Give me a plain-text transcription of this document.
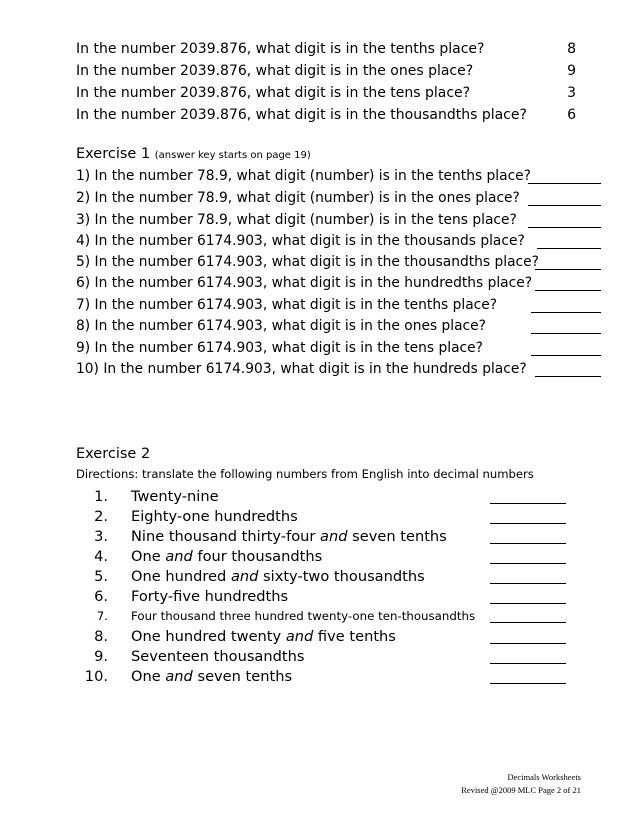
In the number 2039.876, what digit is in the tenths place?	8
In the number 2039.876, what digit is in the ones place?	9
In the number 2039.876, what digit is in the tens place?	3
In the number 2039.876, what digit is in the thousandths place?	6
Exercise 1 (answer key starts on page 19)
1) In the number 78.9, what digit (number) is in the tenths place?
2) In the number 78.9, what digit (number) is in the ones place?
3) In the number 78.9, what digit (number) is in the tens place?
4) In the number 6174.903, what digit is in the thousands place?
5) In the number 6174.903, what digit is in the thousandths place?
6) In the number 6174.903, what digit is in the hundredths place?
7) In the number 6174.903, what digit is in the tenths place?
8) In the number 6174.903, what digit is in the ones place?
9) In the number 6174.903, what digit is in the tens place?
10) In the number 6174.903, what digit is in the hundreds place?
Exercise 2
Directions: translate the following numbers from English into decimal numbers
1. Twenty-nine
2. Eighty-one hundredths
3. Nine thousand thirty-four and seven tenths
4. One and four thousandths
5. One hundred and sixty-two thousandths
6. Forty-five hundredths
7. Four thousand three hundred twenty-one ten-thousandths
8. One hundred twenty and five tenths
9. Seventeen thousandths
10. One and seven tenths
Decimals Worksheets
Revised @2009 MLC Page 2 of 21
